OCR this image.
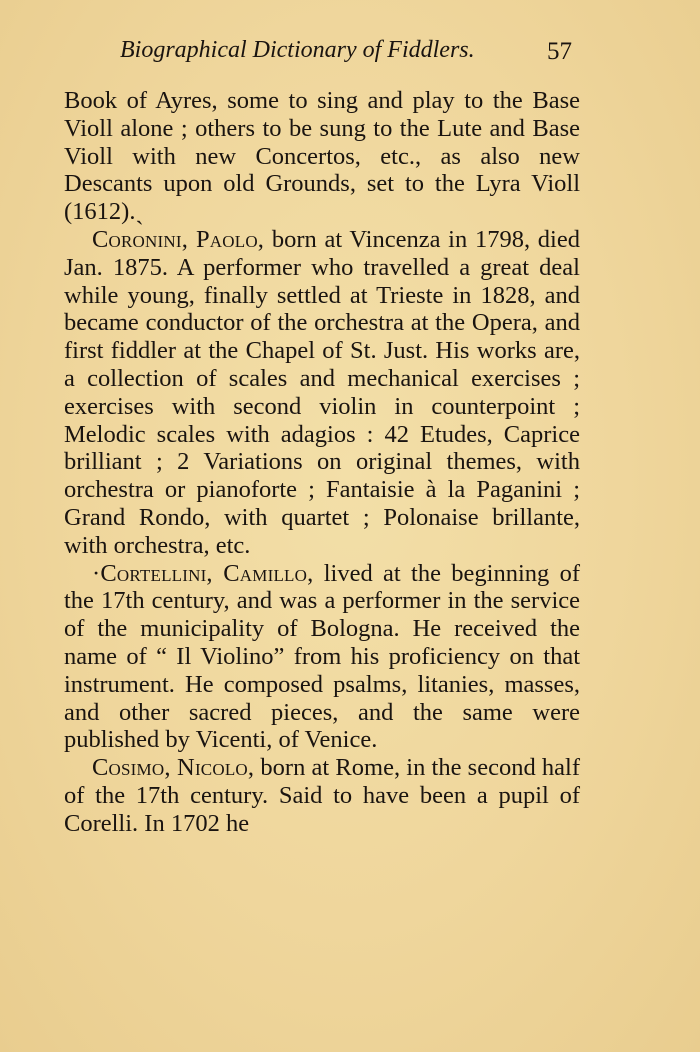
Biographical Dictionary of Fiddlers.	57

Book of Ayres, some to sing and play to the Base Violl alone ; others to be sung to the Lute and Base Violl with new Concertos, etc., as also new Descants upon old Grounds, set to the Lyra Violl (1612).ˎ

Coronini, Paolo, born at Vincenza in 1798, died Jan. 1875. A performer who travelled a great deal while young, finally settled at Trieste in 1828, and became conductor of the orchestra at the Opera, and first fiddler at the Chapel of St. Just. His works are, a collection of scales and mechanical exercises ; exercises with second violin in counterpoint ; Melodic scales with adagios : 42 Etudes, Caprice brilliant ; 2 Variations on original themes, with orchestra or pianoforte ; Fantaisie à la Paganini ; Grand Rondo, with quartet ; Polonaise brillante, with orchestra, etc.

·Cortellini, Camillo, lived at the beginning of the 17th century, and was a performer in the service of the municipality of Bologna. He received the name of “ Il Violino” from his proficiency on that instrument. He composed psalms, litanies, masses, and other sacred pieces, and the same were published by Vicenti, of Venice.

Cosimo, Nicolo, born at Rome, in the second half of the 17th century. Said to have been a pupil of Corelli. In 1702 he
